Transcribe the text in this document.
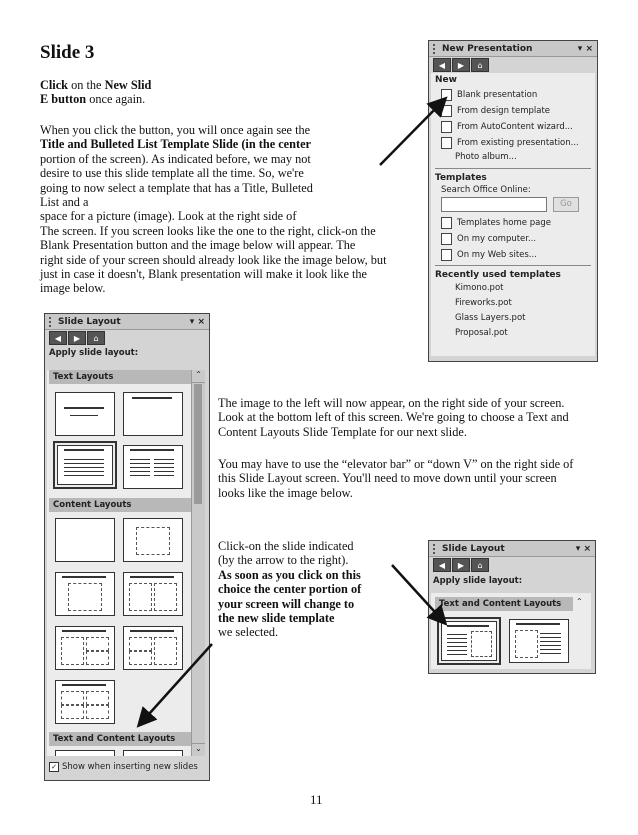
Slide 3
Click on the New Slid
E button once again.
When you click the button, you will once again see the
Title and Bulleted List Template Slide (in the center
portion of the screen). As indicated before, we may not
desire to use this slide template all the time. So, we're
going to now select a template that has a Title, Bulleted
List and a
space for a picture (image). Look at the right side of
The screen. If you screen looks like the one to the right, click-on the
Blank Presentation button and the image below will appear. The
right side of your screen should already look like the image below, but
just in case it doesn't, Blank presentation will make it look like the
image below.
New Presentation	▾ ×
◀	▶	⌂
New
Blank presentation
From design template
From AutoContent wizard...
From existing presentation...
Photo album...
Templates
Search Office Online:
Go
Templates home page
On my computer...
On my Web sites...
Recently used templates
Kimono.pot
Fireworks.pot
Glass Layers.pot
Proposal.pot
Slide Layout	▾ ×
◀	▶	⌂
Apply slide layout:
Text Layouts
Content Layouts
Text and Content Layouts
⌃
⌄
✓ Show when inserting new slides
The image to the left will now appear, on the right side of your screen.
Look at the bottom left of this screen. We're going to choose a Text and
Content Layouts Slide Template for our next slide.
You may have to use the “elevator bar” or “down V” on the right side of
this Slide Layout screen. You'll need to move down until your screen
looks like the image below.
Click-on the slide indicated
(by the arrow to the right).
As soon as you click on this
choice the center portion of
your screen will change to
the new slide template
we selected.
Slide Layout	▾ ×
◀	▶	⌂
Apply slide layout:
Text and Content Layouts	⌃
11
